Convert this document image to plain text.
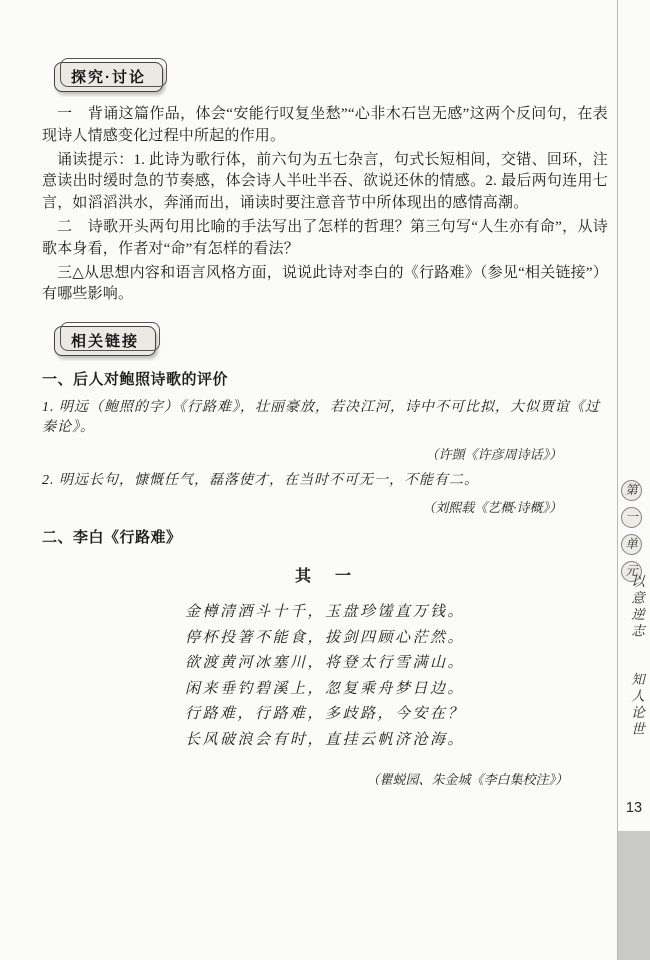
探究·讨论

一　背诵这篇作品，体会“安能行叹复坐愁”“心非木石岂无感”这两个反问句，在表现诗人情感变化过程中所起的作用。

诵读提示：1. 此诗为歌行体，前六句为五七杂言，句式长短相间，交错、回环，注意读出时缓时急的节奏感，体会诗人半吐半吞、欲说还休的情感。2. 最后两句连用七言，如滔滔洪水，奔涌而出，诵读时要注意音节中所体现出的感情高潮。

二　诗歌开头两句用比喻的手法写出了怎样的哲理？第三句写“人生亦有命”，从诗歌本身看，作者对“命”有怎样的看法？

三△从思想内容和语言风格方面，说说此诗对李白的《行路难》（参见“相关链接”）有哪些影响。

相关链接

一、后人对鲍照诗歌的评价

1. 明远（鲍照的字）《行路难》，壮丽豪放，若决江河，诗中不可比拟，大似贾谊《过秦论》。

（许顗《许彦周诗话》）

2. 明远长句，慷慨任气，磊落使才，在当时不可无一，不能有二。

（刘熙载《艺概·诗概》）

二、李白《行路难》

其　一
金樽清酒斗十千，玉盘珍馐直万钱。
停杯投箸不能食，拔剑四顾心茫然。
欲渡黄河冰塞川，将登太行雪满山。
闲来垂钓碧溪上，忽复乘舟梦日边。
行路难，行路难，多歧路，今安在？
长风破浪会有时，直挂云帆济沧海。

（瞿蜕园、朱金城《李白集校注》）

第
一
单
元
以意逆志 知人论世
13
